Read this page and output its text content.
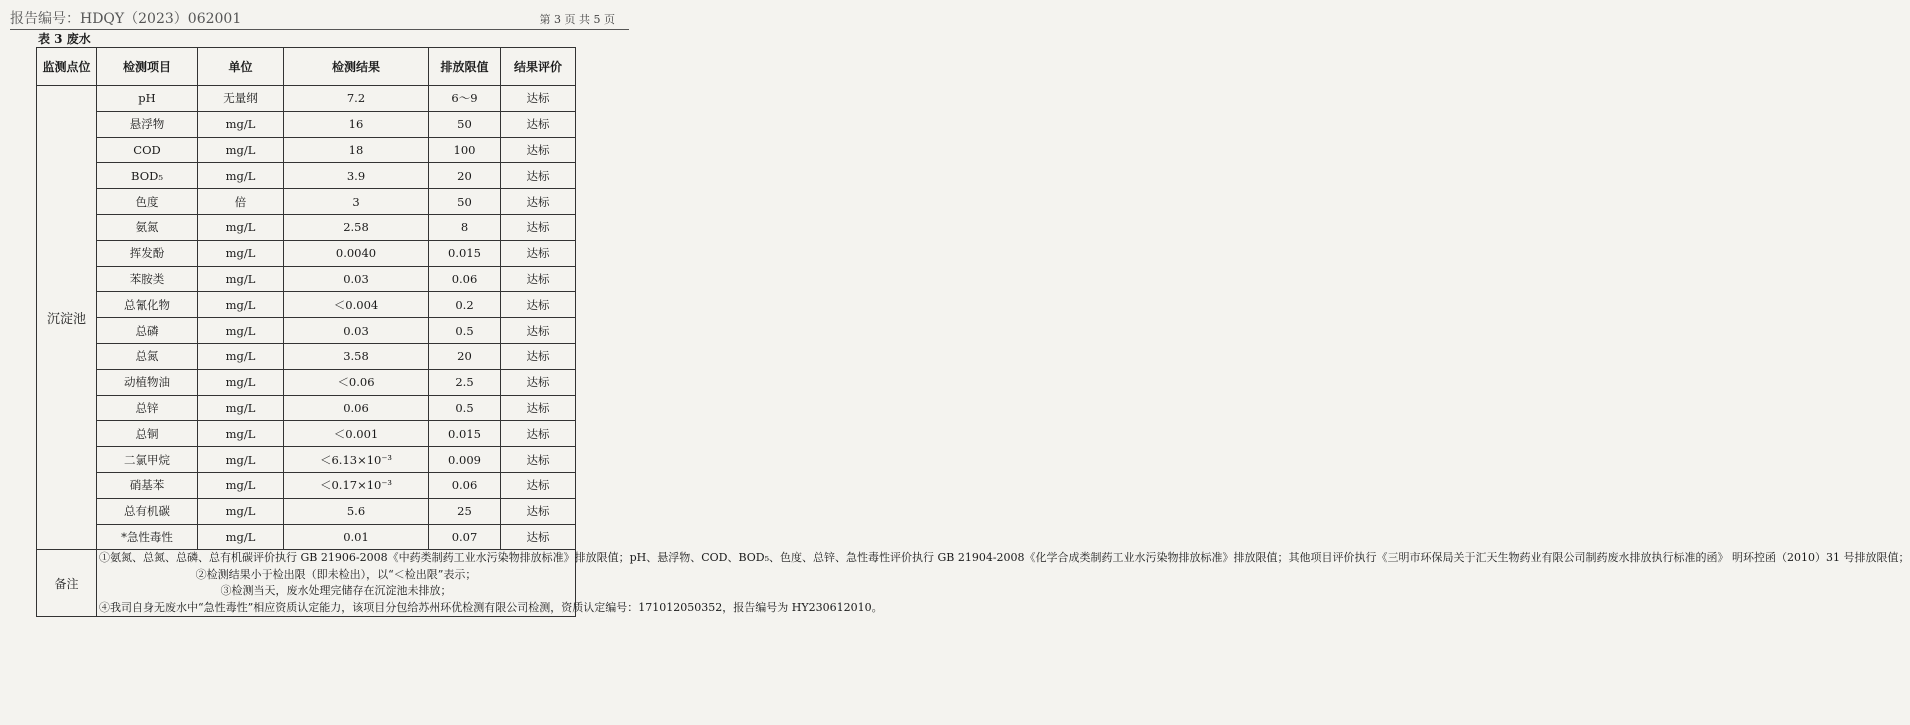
报告编号：HDQY（2023）062001	第 3 页 共 5 页
表 3 废水
监测点位	检测项目	单位	检测结果	排放限值	结果评价
沉淀池	pH	无量纲	7.2	6～9	达标
	悬浮物	mg/L	16	50	达标
	COD	mg/L	18	100	达标
	BOD₅	mg/L	3.9	20	达标
	色度	倍	3	50	达标
	氨氮	mg/L	2.58	8	达标
	挥发酚	mg/L	0.0040	0.015	达标
	苯胺类	mg/L	0.03	0.06	达标
	总氰化物	mg/L	＜0.004	0.2	达标
	总磷	mg/L	0.03	0.5	达标
	总氮	mg/L	3.58	20	达标
	动植物油	mg/L	＜0.06	2.5	达标
	总锌	mg/L	0.06	0.5	达标
	总铜	mg/L	＜0.001	0.015	达标
	二氯甲烷	mg/L	＜6.13×10⁻³	0.009	达标
	硝基苯	mg/L	＜0.17×10⁻³	0.06	达标
	总有机碳	mg/L	5.6	25	达标
	*急性毒性	mg/L	0.01	0.07	达标
备注	①氨氮、总氮、总磷、总有机碳评价执行 GB 21906-2008《中药类制药工业水污染物排放标准》排放限值；pH、悬浮物、COD、BOD₅、色度、总锌、急性毒性评价执行 GB 21904-2008《化学合成类制药工业水污染物排放标准》排放限值；其他项目评价执行《三明市环保局关于汇天生物药业有限公司制药废水排放执行标准的函》 明环控函（2010）31 号排放限值；
②检测结果小于检出限（即未检出），以“＜检出限”表示；
③检测当天，废水处理完储存在沉淀池未排放；
④我司自身无废水中“急性毒性”相应资质认定能力，该项目分包给苏州环优检测有限公司检测，资质认定编号：171012050352，报告编号为 HY230612010。				
